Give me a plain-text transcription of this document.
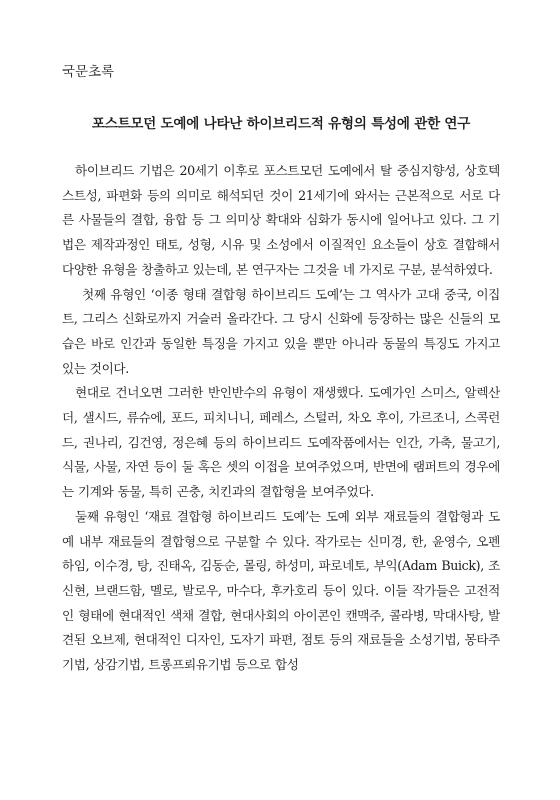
국문초록

포스트모던 도예에 나타난 하이브리드적 유형의 특성에 관한 연구

하이브리드 기법은 20세기 이후로 포스트모던 도예에서 탈 중심지향성, 상호텍스트성, 파편화 등의 의미로 해석되던 것이 21세기에 와서는 근본적으로 서로 다른 사물들의 결합, 융합 등 그 의미상 확대와 심화가 동시에 일어나고 있다. 그 기법은 제작과정인 태토, 성형, 시유 및 소성에서 이질적인 요소들이 상호 결합해서 다양한 유형을 창출하고 있는데, 본 연구자는 그것을 네 가지로 구분, 분석하였다.

첫째 유형인 ‘이종 형태 결합형 하이브리드 도예’는 그 역사가 고대 중국, 이집트, 그리스 신화로까지 거슬러 올라간다. 그 당시 신화에 등장하는 많은 신들의 모습은 바로 인간과 동일한 특징을 가지고 있을 뿐만 아니라 동물의 특징도 가지고 있는 것이다.

현대로 건너오면 그러한 반인반수의 유형이 재생했다. 도예가인 스미스, 알렉산더, 샐시드, 류슈에, 포드, 피치니니, 페레스, 스털러, 차오 후이, 가르조니, 스콕런드, 권나리, 김건영, 정은혜 등의 하이브리드 도예작품에서는 인간, 가축, 물고기, 식물, 사물, 자연 등이 둘 혹은 셋의 이접을 보여주었으며, 반면에 램퍼트의 경우에는 기계와 동물, 특히 곤충, 치킨과의 결합형을 보여주었다.

둘째 유형인 ‘재료 결합형 하이브리드 도예’는 도예 외부 재료들의 결합형과 도예 내부 재료들의 결합형으로 구분할 수 있다. 작가로는 신미경, 한, 윤영수, 오펜하임, 이수경, 탕, 진태옥, 김동순, 몰링, 하성미, 파로네토, 부익(Adam Buick), 조신현, 브랜드함, 멜로, 발로우, 마수다, 후카호리 등이 있다. 이들 작가들은 고전적인 형태에 현대적인 색채 결합, 현대사회의 아이콘인 캔맥주, 콜라병, 막대사탕, 발견된 오브제, 현대적인 디자인, 도자기 파편, 점토 등의 재료들을 소성기법, 몽타주기법, 상감기법, 트롱프뢰유기법 등으로 합성
